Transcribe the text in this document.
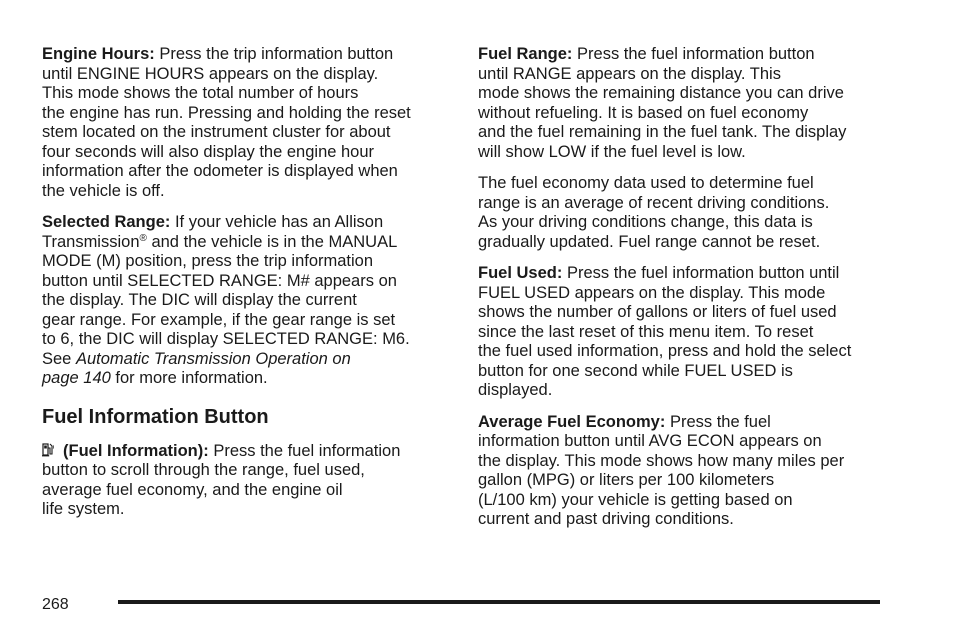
Engine Hours: Press the trip information button
until ENGINE HOURS appears on the display.
This mode shows the total number of hours
the engine has run. Pressing and holding the reset
stem located on the instrument cluster for about
four seconds will also display the engine hour
information after the odometer is displayed when
the vehicle is off.

Selected Range: If your vehicle has an Allison
Transmission® and the vehicle is in the MANUAL
MODE (M) position, press the trip information
button until SELECTED RANGE: M# appears on
the display. The DIC will display the current
gear range. For example, if the gear range is set
to 6, the DIC will display SELECTED RANGE: M6.
See Automatic Transmission Operation on
page 140 for more information.

Fuel Information Button

i (Fuel Information): Press the fuel information
button to scroll through the range, fuel used,
average fuel economy, and the engine oil
life system.

Fuel Range: Press the fuel information button
until RANGE appears on the display. This
mode shows the remaining distance you can drive
without refueling. It is based on fuel economy
and the fuel remaining in the fuel tank. The display
will show LOW if the fuel level is low.

The fuel economy data used to determine fuel
range is an average of recent driving conditions.
As your driving conditions change, this data is
gradually updated. Fuel range cannot be reset.

Fuel Used: Press the fuel information button until
FUEL USED appears on the display. This mode
shows the number of gallons or liters of fuel used
since the last reset of this menu item. To reset
the fuel used information, press and hold the select
button for one second while FUEL USED is
displayed.

Average Fuel Economy: Press the fuel
information button until AVG ECON appears on
the display. This mode shows how many miles per
gallon (MPG) or liters per 100 kilometers
(L/100 km) your vehicle is getting based on
current and past driving conditions.

268
